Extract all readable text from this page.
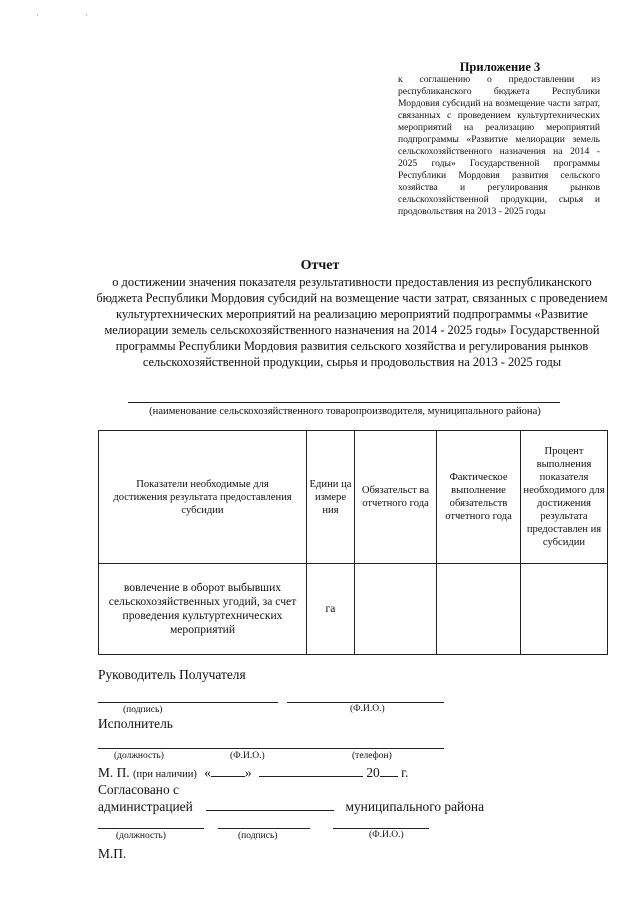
· ·
Приложение 3
к соглашению о предоставлении из республиканского бюджета Республики Мордовия субсидий на возмещение части затрат, связанных с проведением культуртехнических мероприятий на реализацию мероприятий подпрограммы «Развитие мелиорации земель сельскохозяйственного назначения на 2014 - 2025 годы» Государственной программы Республики Мордовия развития сельского хозяйства и регулирования рынков сельскохозяйственной продукции, сырья и продовольствия на 2013 - 2025 годы
Отчет
о достижении значения показателя результативности предоставления из республиканского бюджета Республики Мордовия субсидий на возмещение части затрат, связанных с проведением культуртехнических мероприятий на реализацию мероприятий подпрограммы «Развитие мелиорации земель сельскохозяйственного назначения на 2014 - 2025 годы» Государственной программы Республики Мордовия развития сельского хозяйства и регулирования рынков сельскохозяйственной продукции, сырья и продовольствия на 2013 - 2025 годы
(наименование сельскохозяйственного товаропроизводителя, муниципального района)
Показатели необходимые для достижения результата предоставления субсидии	Едини ца измере ния	Обязательст ва отчетного года	Фактическое выполнение обязательств отчетного года	Процент выполнения показателя необходимого для достижения результата предоставлен ия субсидии
вовлечение в оборот выбывших сельскохозяйственных угодий, за счет проведения культуртехнических мероприятий	га			
Руководитель Получателя
(подпись)	(Ф.И.О.)
Исполнитель
(должность)	(Ф.И.О.)	(телефон)
М. П. (при наличии) «	»	20 г.
Согласовано с
администрацией	муниципального района
(должность)	(подпись)	(Ф.И.О.)
М.П.
